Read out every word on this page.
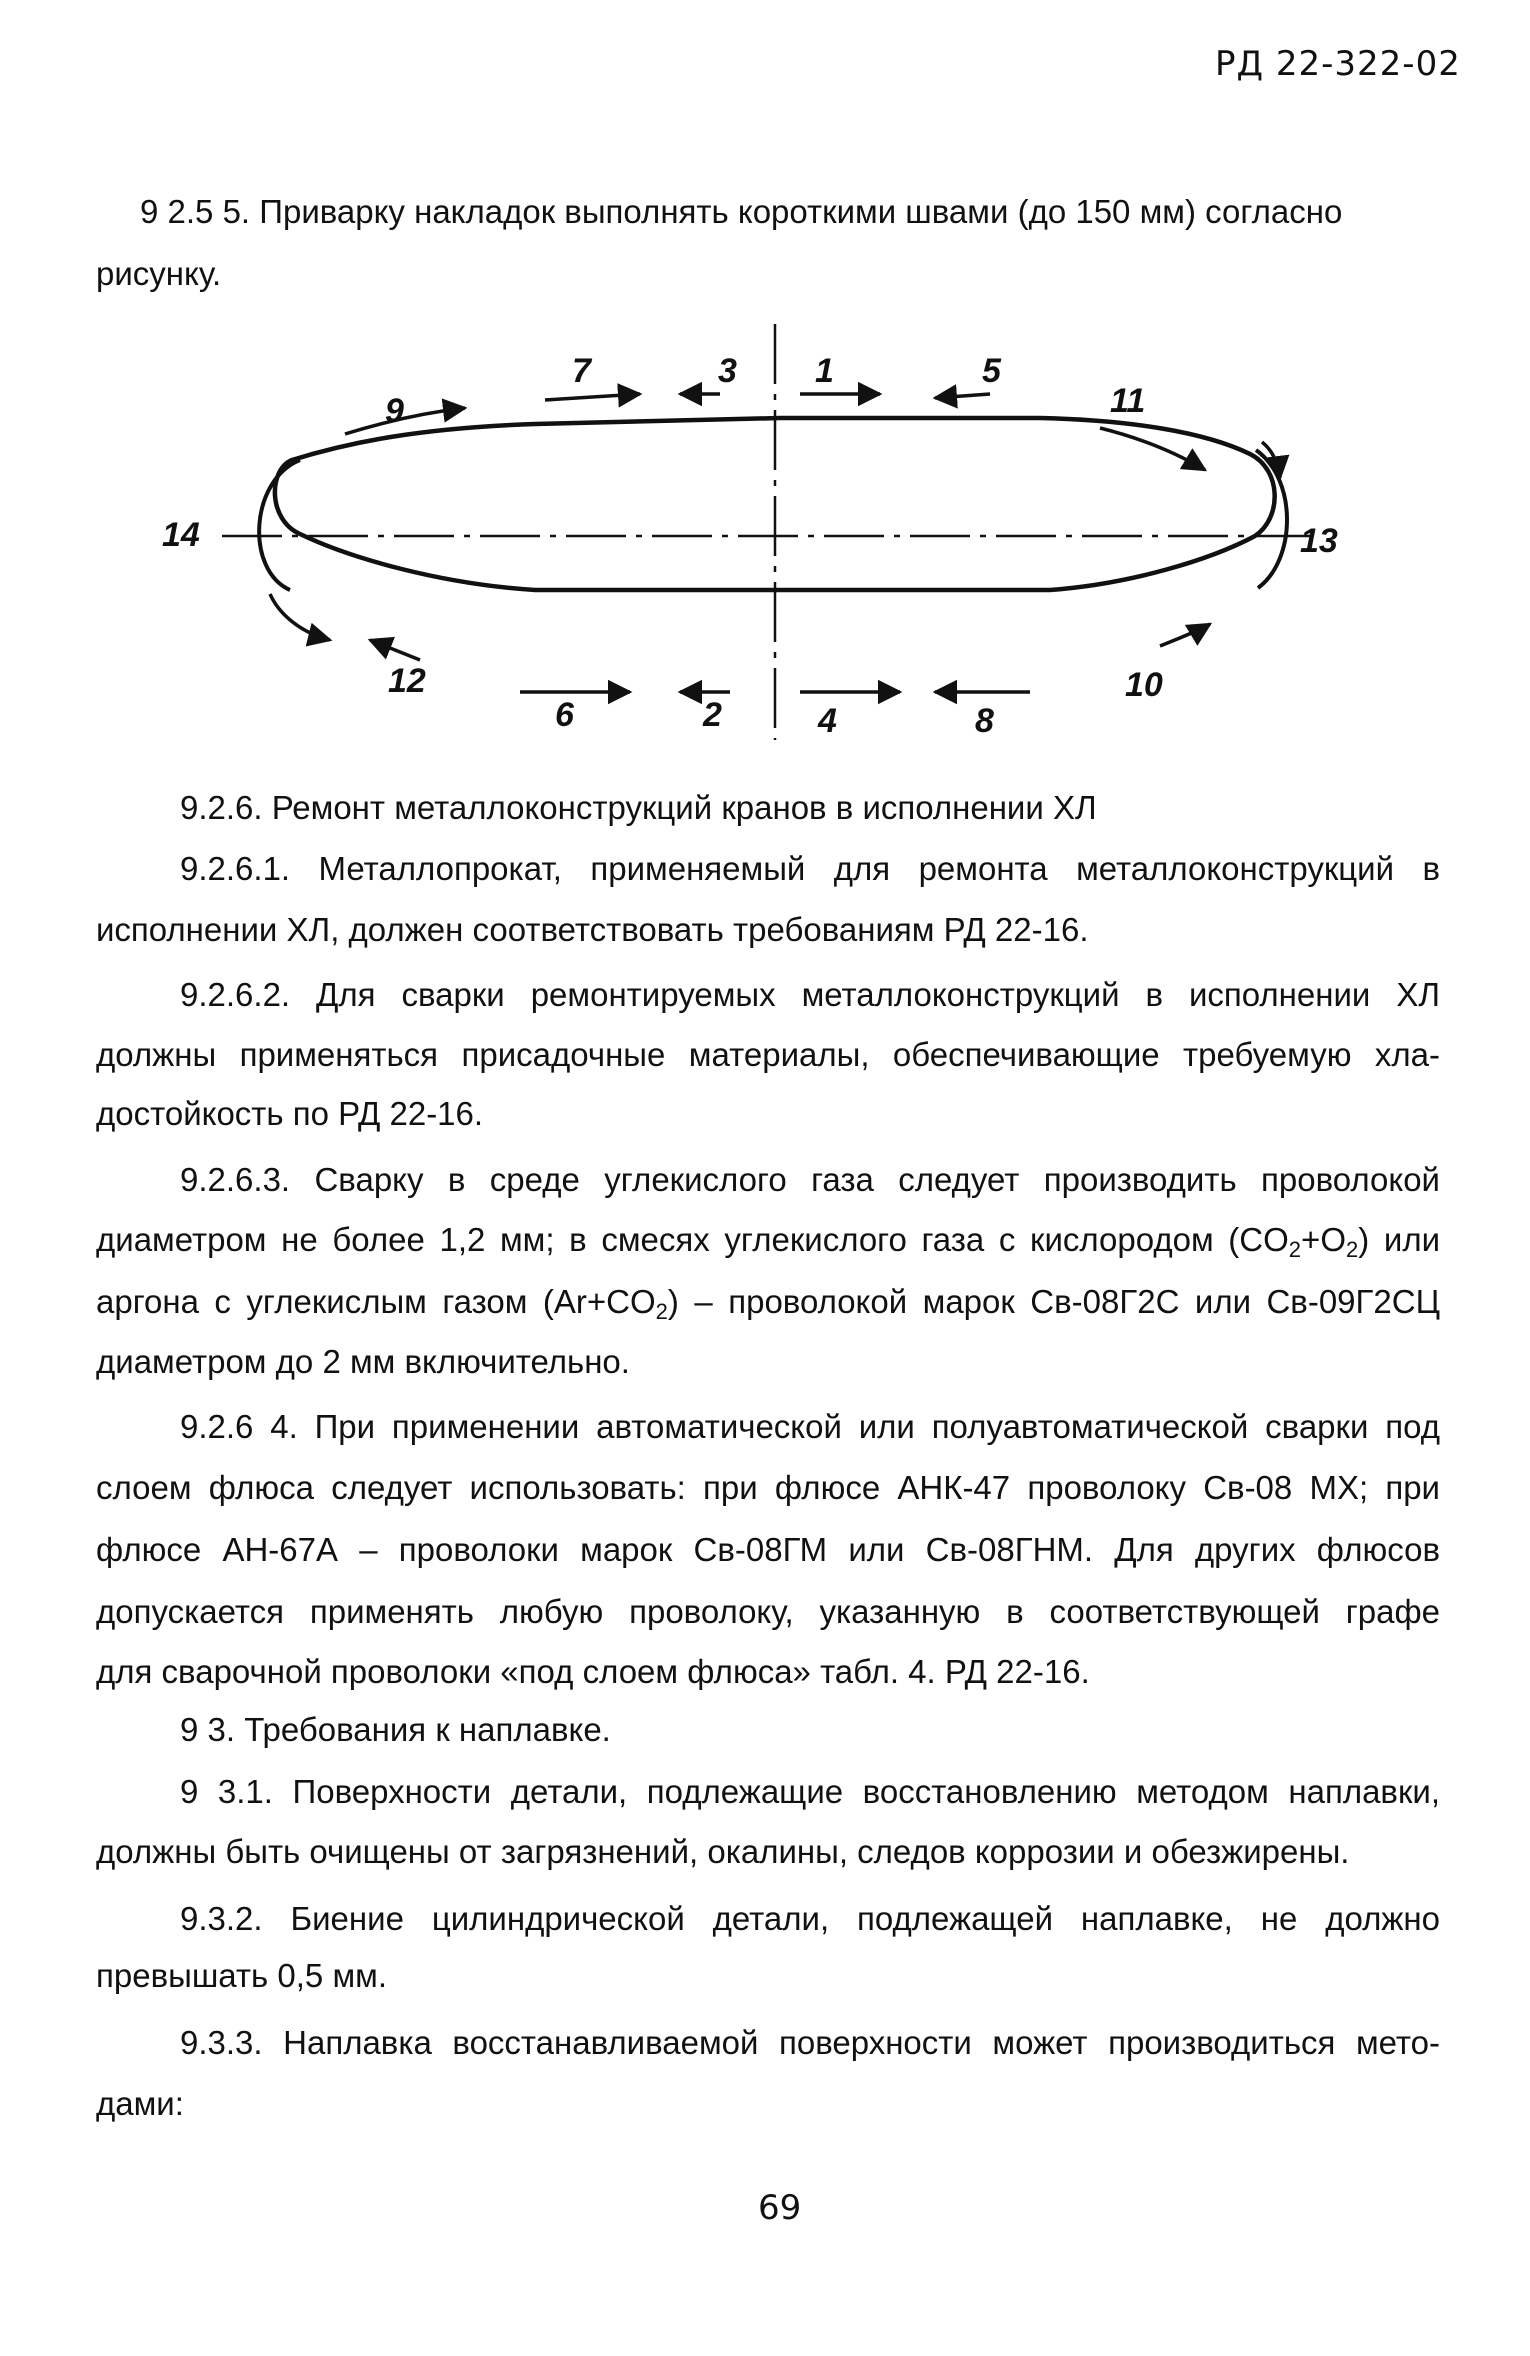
РД 22-322-02

9 2.5 5. Приварку накладок выполнять короткими швами (до 150 мм) согласно

рисунку.

9
7	3 1	5
11
14	13
12
6	2	4	8
10

9.2.6. Ремонт металлоконструкций кранов в исполнении ХЛ

9.2.6.1. Металлопрокат, применяемый для ремонта металлоконструкций в

исполнении ХЛ, должен соответствовать требованиям РД 22-16.

9.2.6.2. Для сварки ремонтируемых металлоконструкций в исполнении ХЛ

должны применяться присадочные материалы, обеспечивающие требуемую хла-

достойкость по РД 22-16.

9.2.6.3. Сварку в среде углекислого газа следует производить проволокой

диаметром не более 1,2 мм; в смесях углекислого газа с кислородом $(CO_2+O_2)$ или

аргона с углекислым газом $(Ar+CO_2)$ – проволокой марок Св-08Г2С или Св-09Г2СЦ

диаметром до 2 мм включительно.

9.2.6 4. При применении автоматической или полуавтоматической сварки под

слоем флюса следует использовать: при флюсе АНК-47 проволоку Св-08 МХ; при

флюсе АН-67А – проволоки марок Св-08ГМ или Св-08ГНМ. Для других флюсов

допускается применять любую проволоку, указанную в соответствующей графе

для сварочной проволоки «под слоем флюса» табл. 4. РД 22-16.

9 3. Требования к наплавке.

9 3.1. Поверхности детали, подлежащие восстановлению методом наплавки,

должны быть очищены от загрязнений, окалины, следов коррозии и обезжирены.

9.3.2. Биение цилиндрической детали, подлежащей наплавке, не должно

превышать 0,5 мм.

9.3.3. Наплавка восстанавливаемой поверхности может производиться мето-

дами:

69
